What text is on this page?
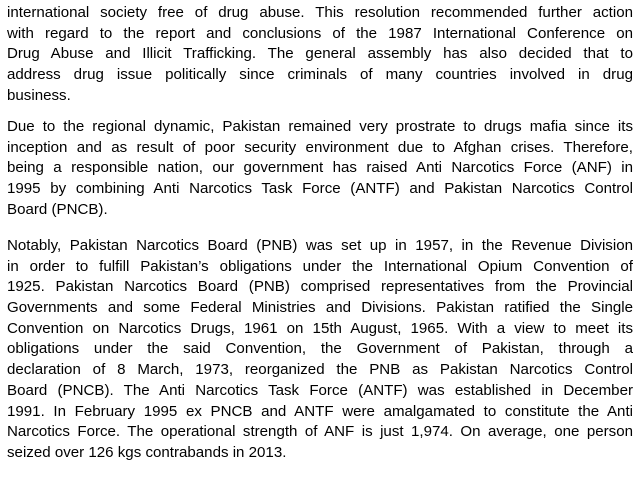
international society free of drug abuse. This resolution recommended further action
with regard to the report and conclusions of the 1987 International Conference on
Drug Abuse and Illicit Trafficking. The general assembly has also decided that to
address drug issue politically since criminals of many countries involved in drug
business.
Due to the regional dynamic, Pakistan remained very prostrate to drugs mafia since its
inception and as result of poor security environment due to Afghan crises. Therefore,
being a responsible nation, our government has raised Anti Narcotics Force (ANF) in
1995 by combining Anti Narcotics Task Force (ANTF) and Pakistan Narcotics Control
Board (PNCB).
Notably, Pakistan Narcotics Board (PNB) was set up in 1957, in the Revenue Division
in order to fulfill Pakistan’s obligations under the International Opium Convention of
1925. Pakistan Narcotics Board (PNB) comprised representatives from the Provincial
Governments and some Federal Ministries and Divisions. Pakistan ratified the Single
Convention on Narcotics Drugs, 1961 on 15th August, 1965. With a view to meet its
obligations under the said Convention, the Government of Pakistan, through a
declaration of 8 March, 1973, reorganized the PNB as Pakistan Narcotics Control
Board (PNCB). The Anti Narcotics Task Force (ANTF) was established in December
1991. In February 1995 ex PNCB and ANTF were amalgamated to constitute the Anti
Narcotics Force. The operational strength of ANF is just 1,974. On average, one person
seized over 126 kgs contrabands in 2013.
